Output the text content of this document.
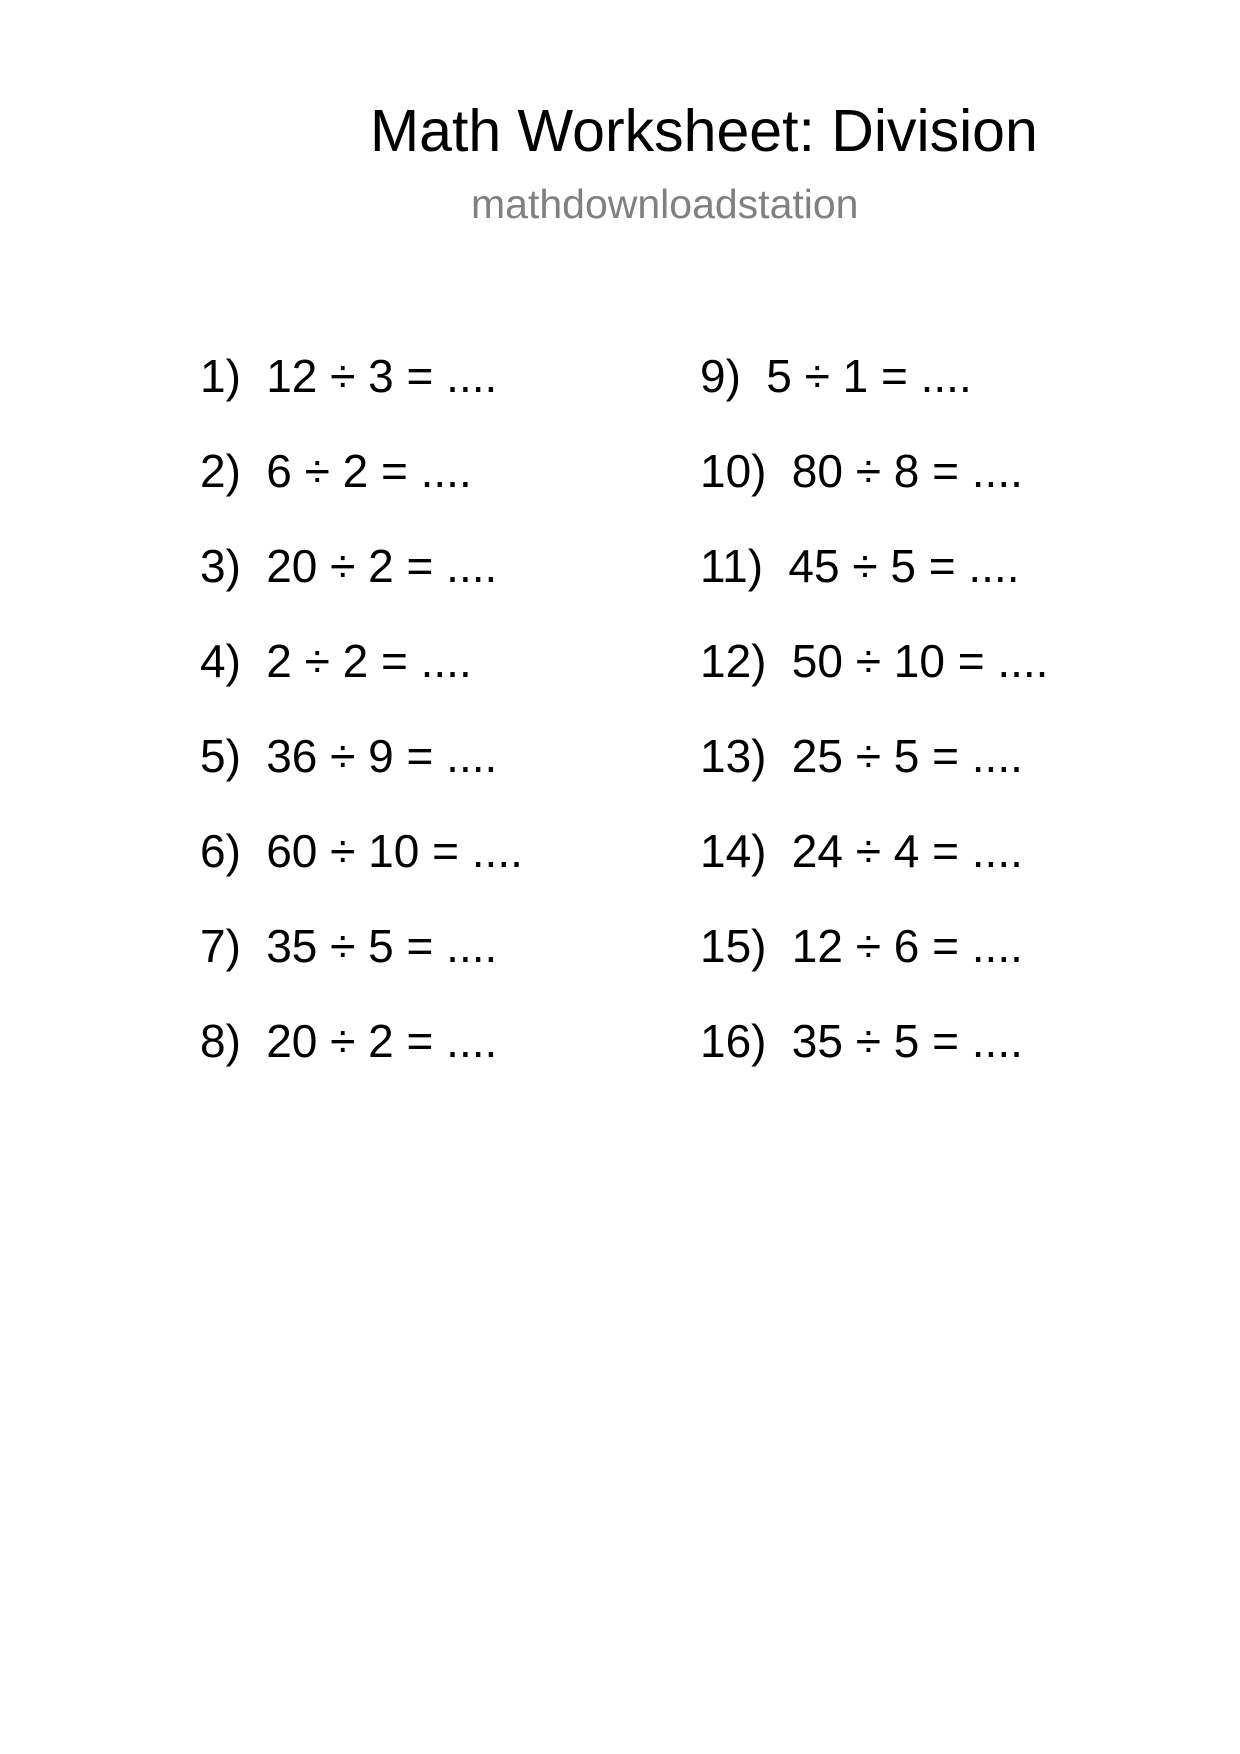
Math Worksheet: Division
mathdownloadstation
1) 12 ÷ 3 = ....
2) 6 ÷ 2 = ....
3) 20 ÷ 2 = ....
4) 2 ÷ 2 = ....
5) 36 ÷ 9 = ....
6) 60 ÷ 10 = ....
7) 35 ÷ 5 = ....
8) 20 ÷ 2 = ....
9) 5 ÷ 1 = ....
10) 80 ÷ 8 = ....
11) 45 ÷ 5 = ....
12) 50 ÷ 10 = ....
13) 25 ÷ 5 = ....
14) 24 ÷ 4 = ....
15) 12 ÷ 6 = ....
16) 35 ÷ 5 = ....
